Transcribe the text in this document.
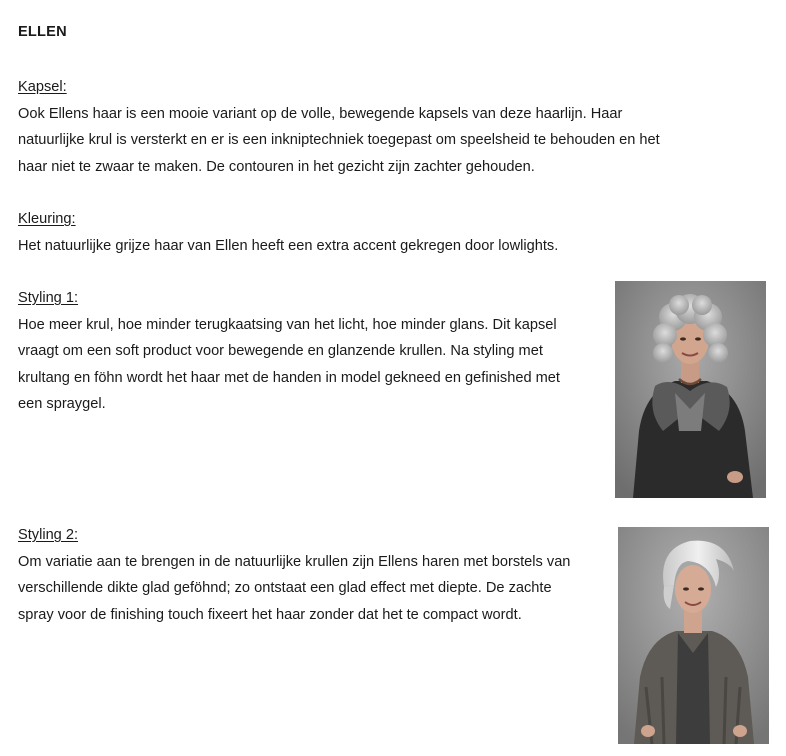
ELLEN
Kapsel:
Ook Ellens haar is een mooie variant op de volle, bewegende kapsels van deze haarlijn. Haar
natuurlijke krul is versterkt en er is een inkniptechniek toegepast om speelsheid te behouden en het
haar niet te zwaar te maken. De contouren in het gezicht zijn zachter gehouden.
Kleuring:
Het natuurlijke grijze haar van Ellen heeft een extra accent gekregen door lowlights.
Styling 1:
Hoe meer krul, hoe minder terugkaatsing van het licht, hoe minder glans. Dit kapsel
vraagt om een soft product voor bewegende en glanzende krullen. Na styling met
krultang en föhn wordt het haar met de handen in model gekneed en gefinished met
een spraygel.
Styling 2:
Om variatie aan te brengen in de natuurlijke krullen zijn Ellens haren met borstels van
verschillende dikte glad geföhnd; zo ontstaat een glad effect met diepte. De zachte
spray voor de finishing touch fixeert het haar zonder dat het te compact wordt.
